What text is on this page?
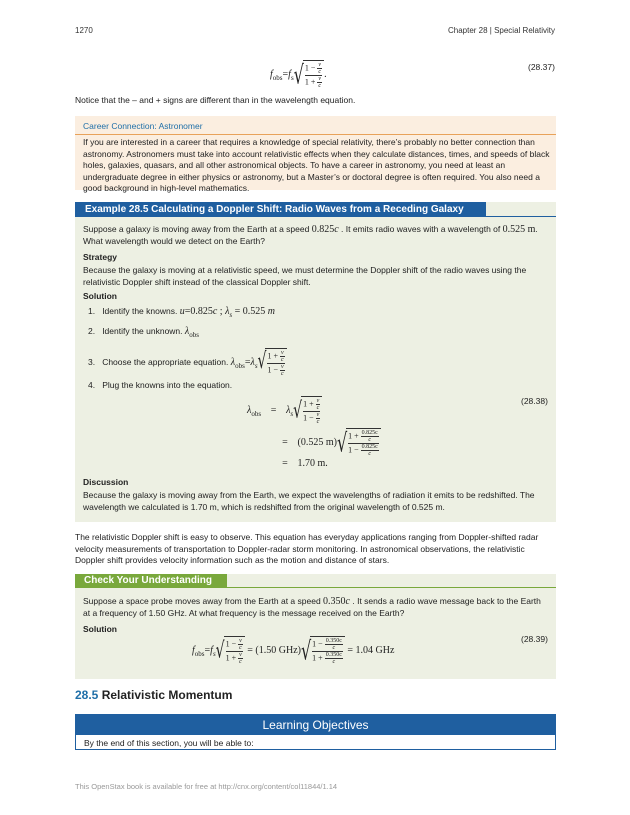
1270	Chapter 28 | Special Relativity
$f_{obs}=f_s√ \frac{1 - \frac{v}{c}}{1 + \frac{v}{c}}$ .
(28.37)
Notice that the – and + signs are different than in the wavelength equation.
Career Connection: Astronomer
If you are interested in a career that requires a knowledge of special relativity, there’s probably no better connection than astronomy. Astronomers must take into account relativistic effects when they calculate distances, times, and speeds of black holes, galaxies, quasars, and all other astronomical objects. To have a career in astronomy, you need at least an undergraduate degree in either physics or astronomy, but a Master’s or doctoral degree is often required. You also need a good background in high-level mathematics.
Example 28.5 Calculating a Doppler Shift: Radio Waves from a Receding Galaxy
Suppose a galaxy is moving away from the Earth at a speed 0.825c . It emits radio waves with a wavelength of 0.525 m.
What wavelength would we detect on the Earth?
Strategy
Because the galaxy is moving at a relativistic speed, we must determine the Doppler shift of the radio waves using the relativistic Doppler shift instead of the classical Doppler shift.
Solution
1. Identify the knowns. u=0.825c ; $\lambda_s = 0.525$ m
2. Identify the unknown. $\lambda_{obs}$
3. Choose the appropriate equation. $\lambda_{obs}=\lambda_s√ \frac{1 + \frac{v}{c}}{1 - \frac{v}{c}}$
4. Plug the knowns into the equation.
(28.38)
$\lambda_{obs} = \lambda_s√ \frac{1 + \frac{v}{c}}{1 - \frac{v}{c}}$
= (0.525 $m)√ \frac{1 + \frac{0.825c}{c}}{1 - \frac{0.825c}{c}}$
= 1.70 m.
Discussion
Because the galaxy is moving away from the Earth, we expect the wavelengths of radiation it emits to be redshifted. The wavelength we calculated is 1.70 m, which is redshifted from the original wavelength of 0.525 m.
The relativistic Doppler shift is easy to observe. This equation has everyday applications ranging from Doppler-shifted radar velocity measurements of transportation to Doppler-radar storm monitoring. In astronomical observations, the relativistic Doppler shift provides velocity information such as the motion and distance of stars.
Check Your Understanding
Suppose a space probe moves away from the Earth at a speed 0.350c . It sends a radio wave message back to the Earth
at a frequency of 1.50 GHz. At what frequency is the message received on the Earth?
Solution
(28.39)
$f_{obs}=f_s√ \frac{1 - \frac{v}{c}}{1 + \frac{v}{c}} = (1.50$ $GHz)√ \frac{1 - \frac{0.350c}{c}}{1 + \frac{0.350c}{c}} = 1.04$ GHz
28.5 Relativistic Momentum
Learning Objectives
By the end of this section, you will be able to:
This OpenStax book is available for free at http://cnx.org/content/col11844/1.14
